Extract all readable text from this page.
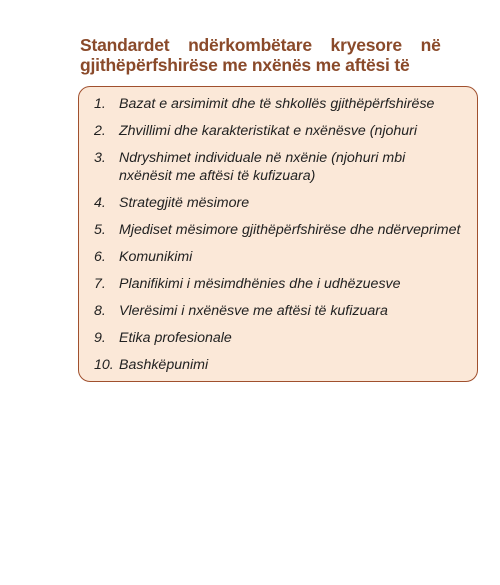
Standardet ndërkombëtare kryesore në
gjithëpërfshirëse me nxënës me aftësi të
1. Bazat e arsimimit dhe të shkollës gjithëpërfshirëse
2. Zhvillimi dhe karakteristikat e nxënësve (njohuri
3. Ndryshimet individuale në nxënie (njohuri mbi nxënësit me aftësi të kufizuara)
4. Strategjitë mësimore
5. Mjediset mësimore gjithëpërfshirëse dhe ndërveprimet
6. Komunikimi
7. Planifikimi i mësimdhënies dhe i udhëzuesve
8. Vlerësimi i nxënësve me aftësi të kufizuara
9. Etika profesionale
10. Bashkëpunimi
